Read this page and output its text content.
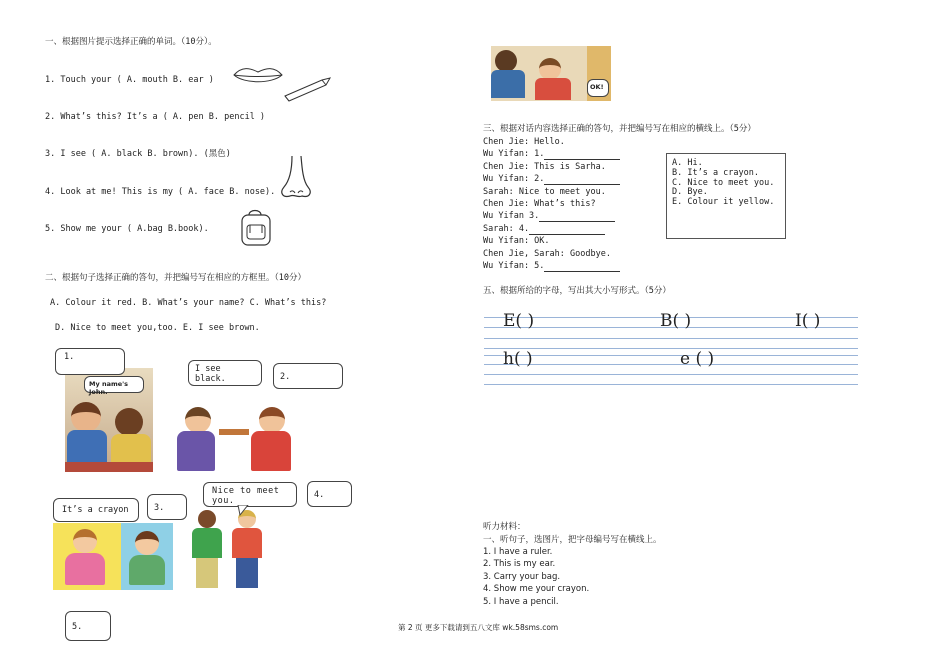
一、根据图片提示选择正确的单词。（10分）。
1. Touch your ( A. mouth B. ear )
2. What’s this? It’s a ( A. pen B. pencil )
3. I see ( A. black B. brown). (黑色)
4. Look at me! This is my ( A. face B. nose).
5. Show me your ( A.bag B.book).
二、根据句子选择正确的答句，并把编号写在相应的方框里。（10分）
A. Colour it red. B. What’s your name? C. What’s this?
D. Nice to meet you,too. E. I see brown.
My name's John.
1.
I see black.	2.
It’s a crayon	3.
Nice to meet you.
4.
5.
OK!
三、根据对话内容选择正确的答句，并把编号写在相应的横线上。（5分）
Chen Jie: Hello.
Wu Yifan: 1.
Chen Jie: This is Sarha.
Wu Yifan: 2.
Sarah: Nice to meet you.
Chen Jie: What’s this?
Wu Yifan 3.
Sarah: 4.
Wu Yifan: OK.
Chen Jie, Sarah: Goodbye.
Wu Yifan: 5.
A. Hi.
B. It’s a crayon.
C. Nice to meet you.
D. Bye.
E. Colour it yellow.
五、根据所给的字母，写出其大小写形式。（5分）
E( )	B( )	I( )
h( )	e ( )
听力材料：
一、听句子，选图片，把字母编号写在横线上。
1. I have a ruler.
2. This is my ear.
3. Carry your bag.
4. Show me your crayon.
5. I have a pencil.
第 2 页 更多下载请到五八文库 wk.58sms.com
